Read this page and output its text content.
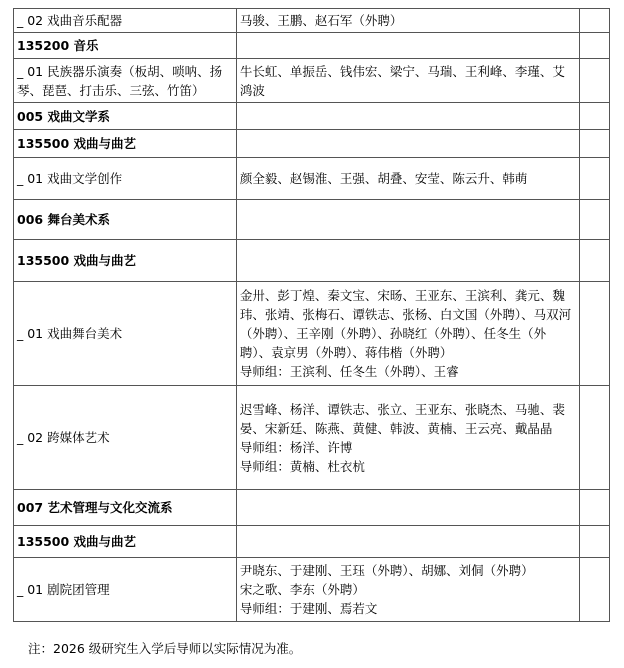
_ 02 戏曲音乐配器	马骏、王鹏、赵石军（外聘）	

135200 音乐		
_ 01 民族器乐演奏（板胡、唢呐、扬琴、琵琶、打击乐、三弦、竹笛）	牛长虹、单振岳、钱伟宏、梁宁、马瑞、王利峰、李瑾、艾鸿波	

005 戏曲文学系		
135500 戏曲与曲艺		
_ 01 戏曲文学创作	颜全毅、赵锡淮、王强、胡叠、安莹、陈云升、韩萌	

006 舞台美术系		
135500 戏曲与曲艺		
_ 01 戏曲舞台美术	金卅、彭丁煌、秦文宝、宋旸、王亚东、王滨利、龚元、魏玮、张靖、张梅石、谭铁志、张杨、白文国（外聘）、马双河（外聘）、王辛刚（外聘）、孙晓红（外聘）、任冬生（外聘）、袁京男（外聘）、蒋伟楷（外聘）
导师组：王滨利、任冬生（外聘）、王睿	

_ 02 跨媒体艺术	迟雪峰、杨洋、谭铁志、张立、王亚东、张晓杰、马驰、裴晏、宋新廷、陈燕、黄健、韩波、黄楠、王云亮、戴晶晶
导师组：杨洋、许博
导师组：黄楠、杜衣杭	

007 艺术管理与文化交流系		
135500 戏曲与曲艺		
_ 01 剧院团管理	尹晓东、于建刚、王珏（外聘）、胡娜、刘侗（外聘）
宋之歌、李东（外聘）
导师组：于建刚、焉若文	

注：2026 级研究生入学后导师以实际情况为准。
